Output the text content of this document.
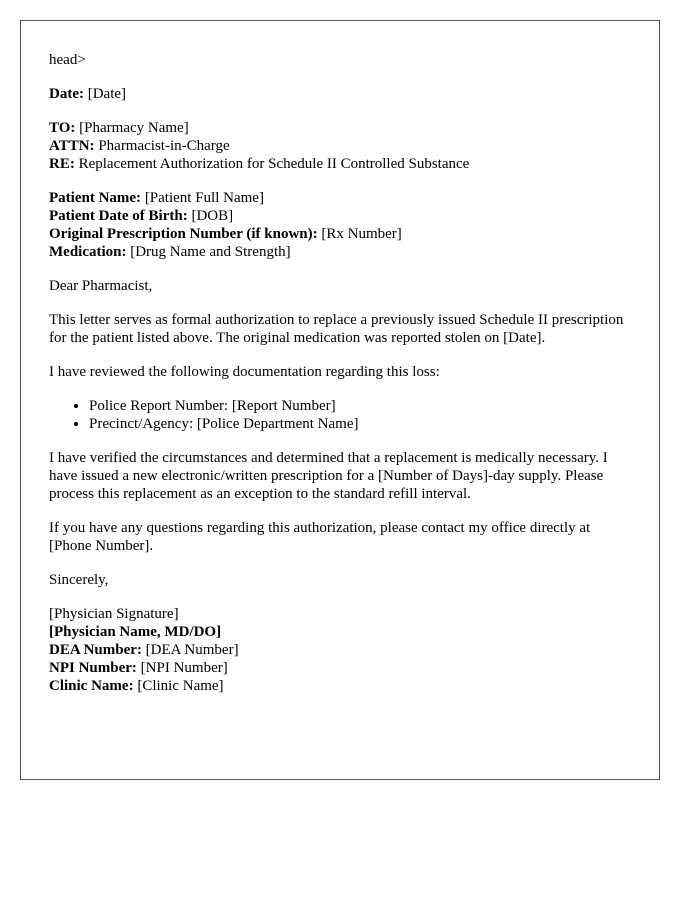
head>

Date: [Date]

TO: [Pharmacy Name]

ATTN: Pharmacist-in-Charge

RE: Replacement Authorization for Schedule II Controlled Substance

Patient Name: [Patient Full Name]

Patient Date of Birth: [DOB]

Original Prescription Number (if known): [Rx Number]

Medication: [Drug Name and Strength]

Dear Pharmacist,

This letter serves as formal authorization to replace a previously issued Schedule II prescription for the patient listed above. The original medication was reported stolen on [Date].

I have reviewed the following documentation regarding this loss:

• Police Report Number: [Report Number]
• Precinct/Agency: [Police Department Name]

I have verified the circumstances and determined that a replacement is medically necessary. I have issued a new electronic/written prescription for a [Number of Days]-day supply. Please process this replacement as an exception to the standard refill interval.

If you have any questions regarding this authorization, please contact my office directly at [Phone Number].

Sincerely,

[Physician Signature]

[Physician Name, MD/DO]

DEA Number: [DEA Number]

NPI Number: [NPI Number]

Clinic Name: [Clinic Name]
